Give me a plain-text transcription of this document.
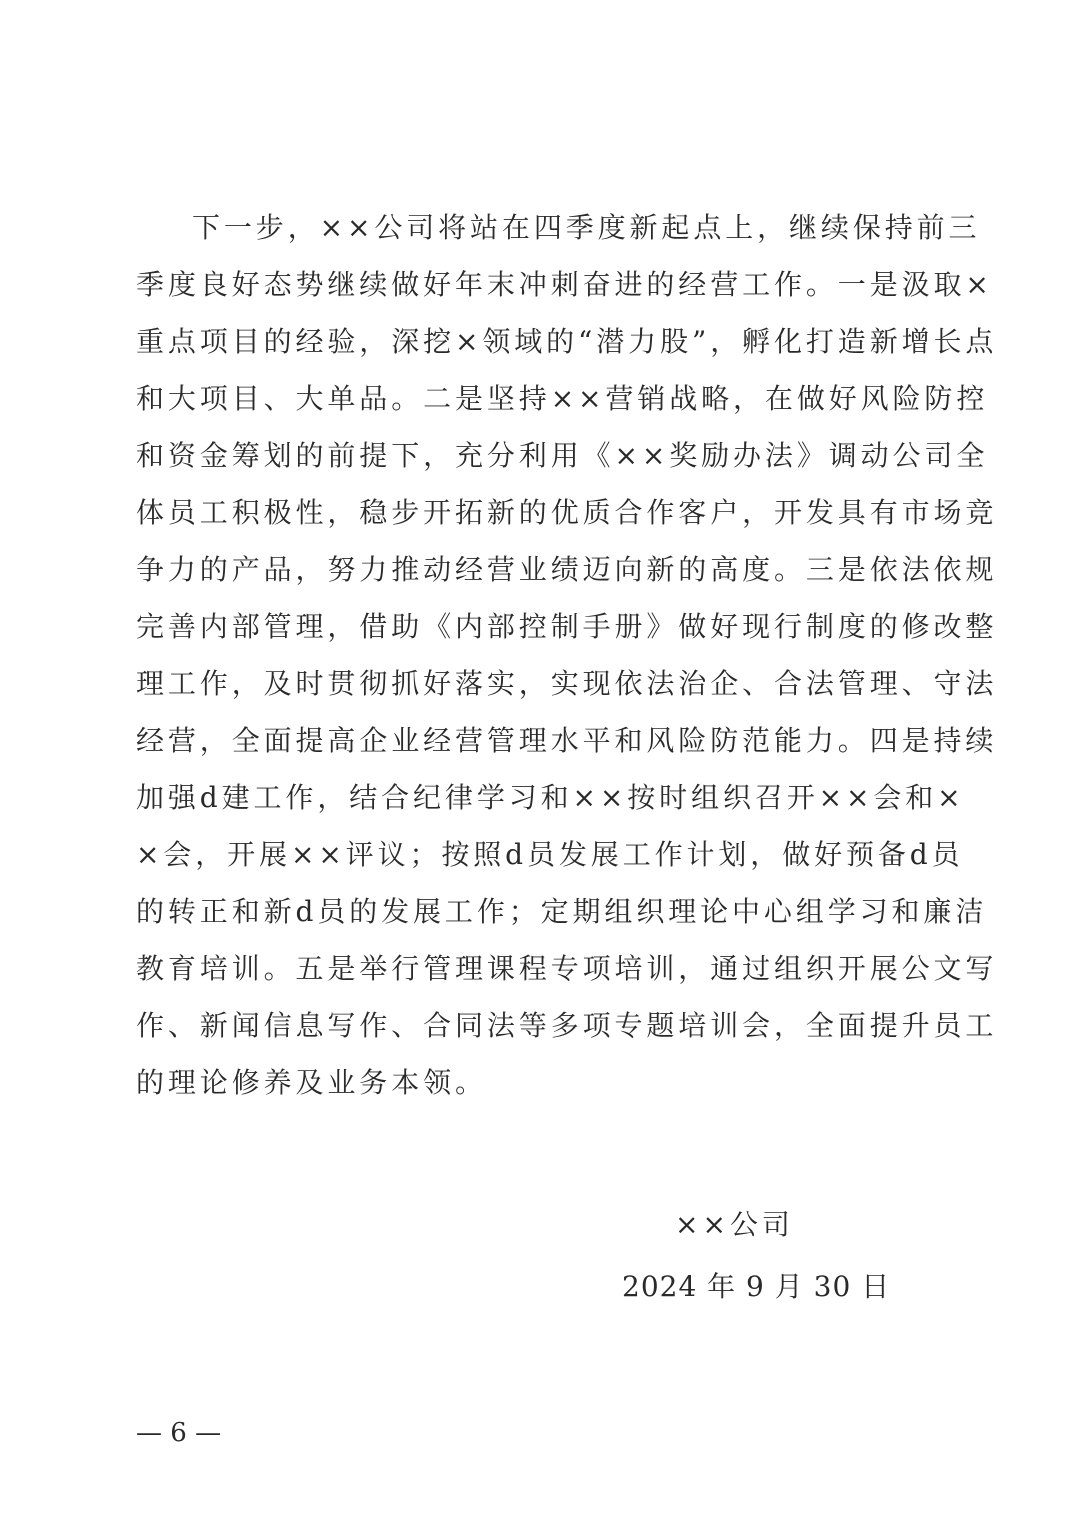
下一步，××公司将站在四季度新起点上，继续保持前三
季度良好态势继续做好年末冲刺奋进的经营工作。一是汲取×
重点项目的经验，深挖×领域的“潜力股”，孵化打造新增长点
和大项目、大单品。二是坚持××营销战略，在做好风险防控
和资金筹划的前提下，充分利用《××奖励办法》调动公司全
体员工积极性，稳步开拓新的优质合作客户，开发具有市场竞
争力的产品，努力推动经营业绩迈向新的高度。三是依法依规
完善内部管理，借助《内部控制手册》做好现行制度的修改整
理工作，及时贯彻抓好落实，实现依法治企、合法管理、守法
经营，全面提高企业经营管理水平和风险防范能力。四是持续
加强d建工作，结合纪律学习和××按时组织召开××会和×
×会，开展××评议；按照d员发展工作计划，做好预备d员
的转正和新d员的发展工作；定期组织理论中心组学习和廉洁
教育培训。五是举行管理课程专项培训，通过组织开展公文写
作、新闻信息写作、合同法等多项专题培训会，全面提升员工
的理论修养及业务本领。
××公司
2024 年 9 月 30 日
— 6 —
